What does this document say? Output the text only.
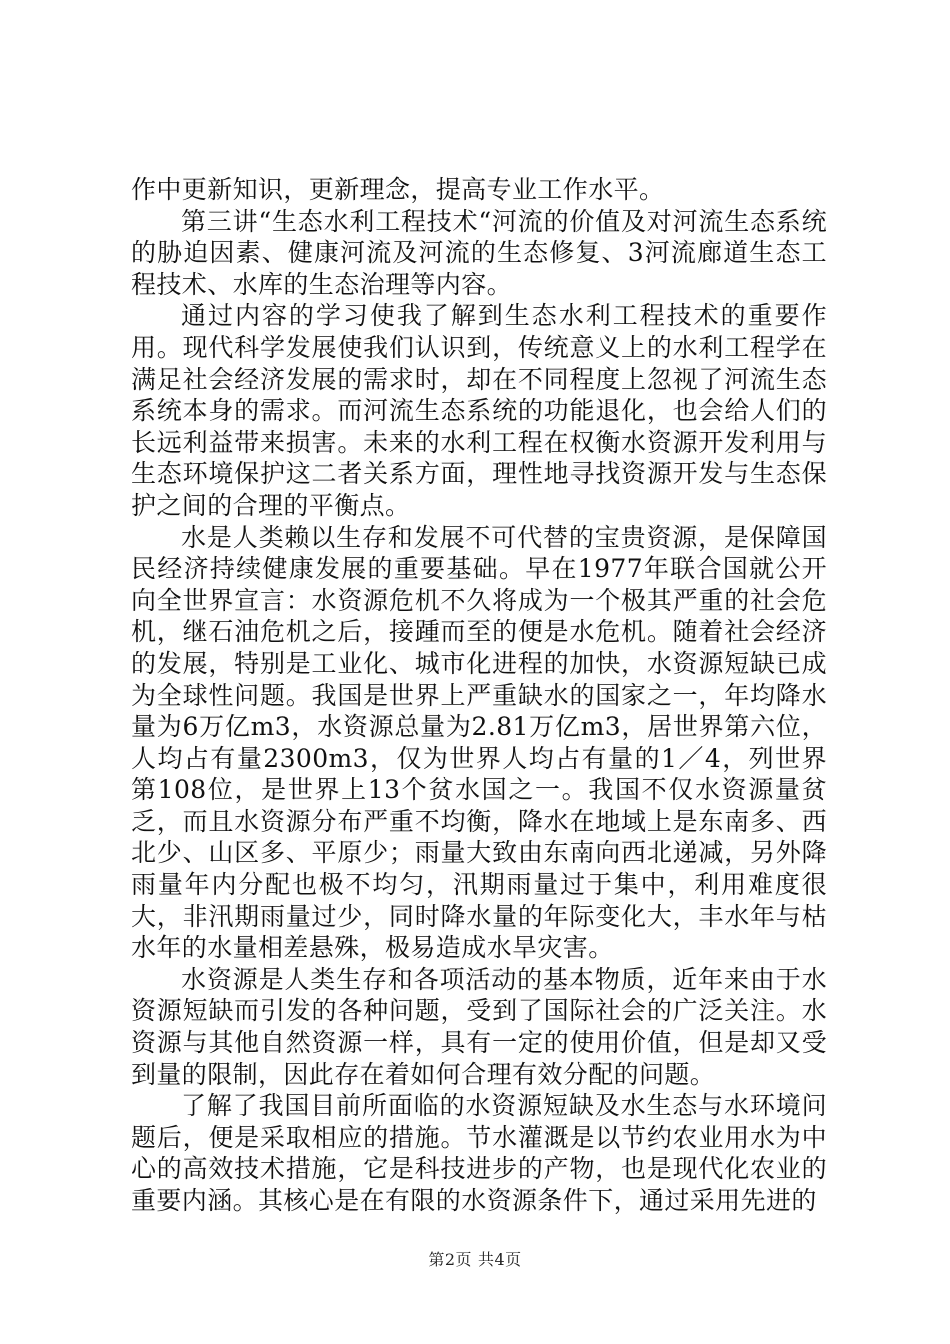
作中更新知识，更新理念，提高专业工作水平。

第三讲“生态水利工程技术“河流的价值及对河流生态系统的胁迫因素、健康河流及河流的生态修复、3河流廊道生态工程技术、水库的生态治理等内容。

通过内容的学习使我了解到生态水利工程技术的重要作用。现代科学发展使我们认识到，传统意义上的水利工程学在满足社会经济发展的需求时，却在不同程度上忽视了河流生态系统本身的需求。而河流生态系统的功能退化，也会给人们的长远利益带来损害。未来的水利工程在权衡水资源开发利用与生态环境保护这二者关系方面，理性地寻找资源开发与生态保护之间的合理的平衡点。

水是人类赖以生存和发展不可代替的宝贵资源，是保障国民经济持续健康发展的重要基础。早在1977年联合国就公开向全世界宣言：水资源危机不久将成为一个极其严重的社会危机，继石油危机之后，接踵而至的便是水危机。随着社会经济的发展，特别是工业化、城市化进程的加快，水资源短缺已成为全球性问题。我国是世界上严重缺水的国家之一，年均降水量为6万亿m3，水资源总量为2.81万亿m3，居世界第六位，人均占有量2300m3，仅为世界人均占有量的1／4，列世界第108位，是世界上13个贫水国之一。我国不仅水资源量贫乏，而且水资源分布严重不均衡，降水在地域上是东南多、西北少、山区多、平原少；雨量大致由东南向西北递减，另外降雨量年内分配也极不均匀，汛期雨量过于集中，利用难度很大，非汛期雨量过少，同时降水量的年际变化大，丰水年与枯水年的水量相差悬殊，极易造成水旱灾害。

水资源是人类生存和各项活动的基本物质，近年来由于水资源短缺而引发的各种问题，受到了国际社会的广泛关注。水资源与其他自然资源一样，具有一定的使用价值，但是却又受到量的限制，因此存在着如何合理有效分配的问题。

了解了我国目前所面临的水资源短缺及水生态与水环境问题后，便是采取相应的措施。节水灌溉是以节约农业用水为中心的高效技术措施，它是科技进步的产物，也是现代化农业的重要内涵。其核心是在有限的水资源条件下，通过采用先进的

第2页 共4页
